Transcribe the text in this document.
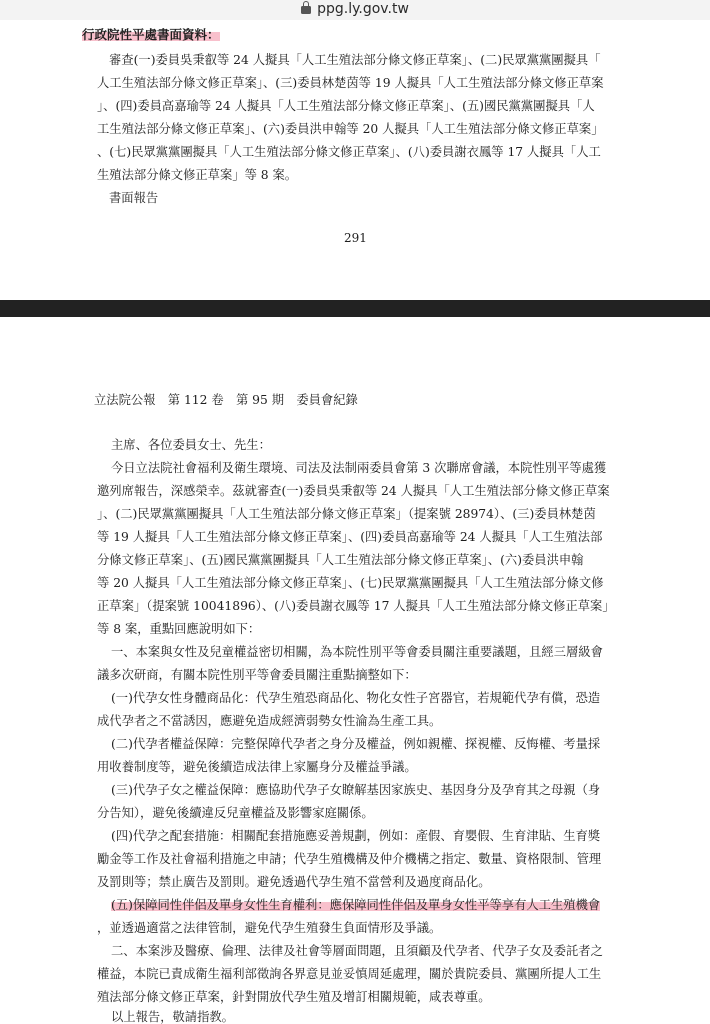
ppg.ly.gov.tw
行政院性平處書面資料：
審查(一)委員吳秉叡等 24 人擬具「人工生殖法部分條文修正草案」、(二)民眾黨黨團擬具「
人工生殖法部分條文修正草案」、(三)委員林楚茵等 19 人擬具「人工生殖法部分條文修正草案
」、(四)委員高嘉瑜等 24 人擬具「人工生殖法部分條文修正草案」、(五)國民黨黨團擬具「人
工生殖法部分條文修正草案」、(六)委員洪申翰等 20 人擬具「人工生殖法部分條文修正草案」
、(七)民眾黨黨團擬具「人工生殖法部分條文修正草案」、(八)委員謝衣鳳等 17 人擬具「人工
生殖法部分條文修正草案」等 8 案。
書面報告
291
立法院公報　第 112 卷　第 95 期　委員會紀錄
主席、各位委員女士、先生：
今日立法院社會福利及衛生環境、司法及法制兩委員會第 3 次聯席會議，本院性別平等處獲
邀列席報告，深感榮幸。茲就審查(一)委員吳秉叡等 24 人擬具「人工生殖法部分條文修正草案
」、(二)民眾黨黨團擬具「人工生殖法部分條文修正草案」（提案號 28974）、(三)委員林楚茵
等 19 人擬具「人工生殖法部分條文修正草案」、(四)委員高嘉瑜等 24 人擬具「人工生殖法部
分條文修正草案」、(五)國民黨黨團擬具「人工生殖法部分條文修正草案」、(六)委員洪申翰
等 20 人擬具「人工生殖法部分條文修正草案」、(七)民眾黨黨團擬具「人工生殖法部分條文修
正草案」（提案號 10041896）、(八)委員謝衣鳳等 17 人擬具「人工生殖法部分條文修正草案」
等 8 案，重點回應說明如下：
一、本案與女性及兒童權益密切相關，為本院性別平等會委員關注重要議題，且經三層級會
議多次研商，有關本院性別平等會委員關注重點摘整如下：
(一)代孕女性身體商品化：代孕生殖恐商品化、物化女性子宮器官，若規範代孕有償，恐造
成代孕者之不當誘因，應避免造成經濟弱勢女性淪為生產工具。
(二)代孕者權益保障：完整保障代孕者之身分及權益，例如親權、探視權、反悔權、考量採
用收養制度等，避免後續造成法律上家屬身分及權益爭議。
(三)代孕子女之權益保障：應協助代孕子女瞭解基因家族史、基因身分及孕育其之母親（身
分告知），避免後續違反兒童權益及影響家庭關係。
(四)代孕之配套措施：相關配套措施應妥善規劃，例如：產假、育嬰假、生育津貼、生育獎
勵金等工作及社會福利措施之申請；代孕生殖機構及仲介機構之指定、數量、資格限制、管理
及罰則等；禁止廣告及罰則。避免透過代孕生殖不當營利及過度商品化。
(五)保障同性伴侶及單身女性生育權利：應保障同性伴侶及單身女性平等享有人工生殖機會
，並透過適當之法律管制，避免代孕生殖發生負面情形及爭議。
二、本案涉及醫療、倫理、法律及社會等層面問題，且須顧及代孕者、代孕子女及委託者之
權益，本院已責成衛生福利部徵詢各界意見並妥慎周延處理，關於貴院委員、黨團所提人工生
殖法部分條文修正草案，針對開放代孕生殖及增訂相關規範，咸表尊重。
以上報告，敬請指教。
